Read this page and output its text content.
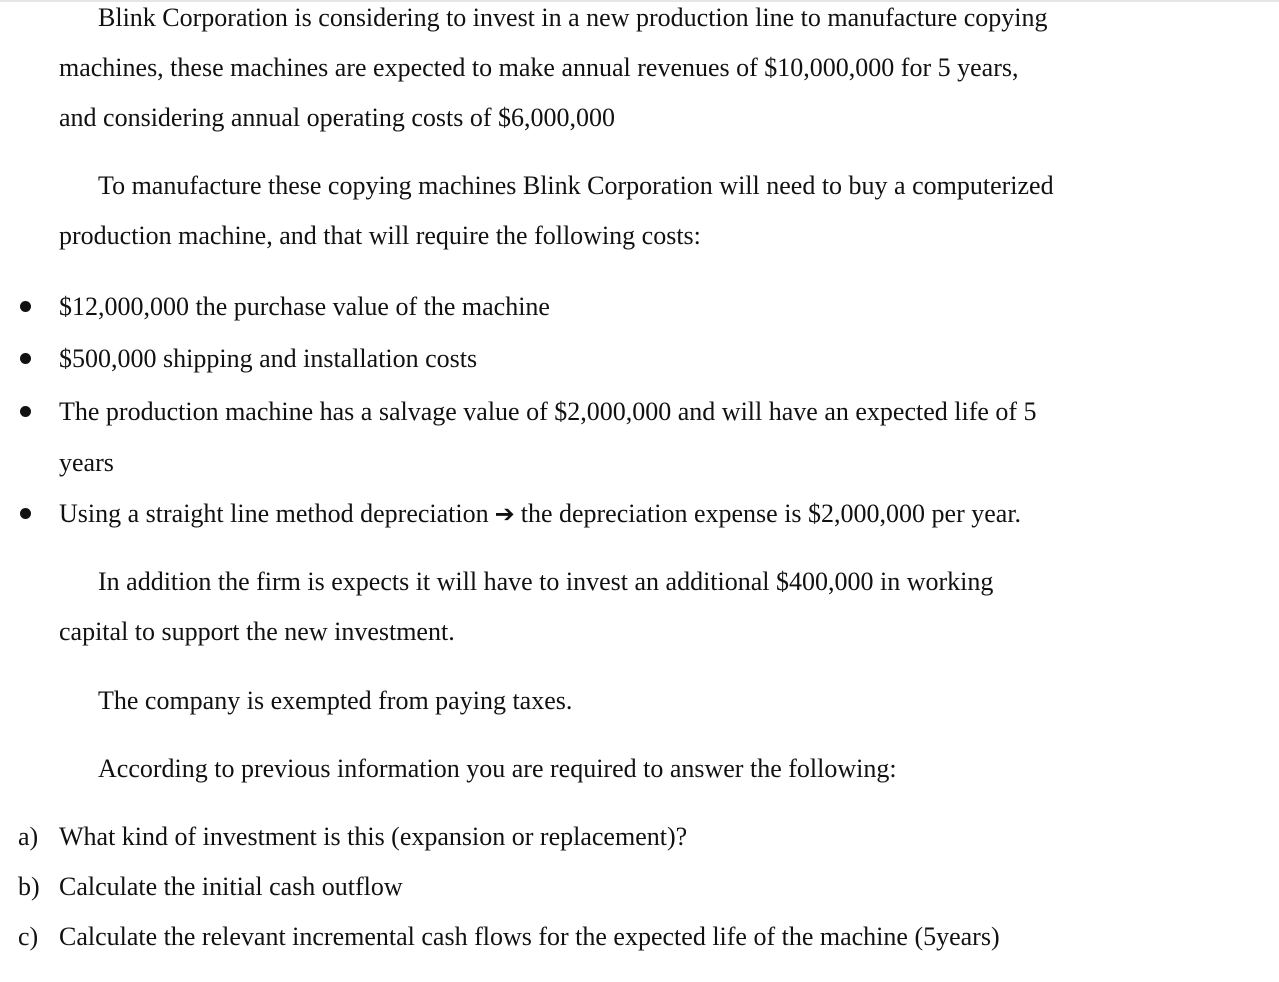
Blink Corporation is considering to invest in a new production line to manufacture copying
machines, these machines are expected to make annual revenues of $10,000,000 for 5 years,
and considering annual operating costs of $6,000,000
To manufacture these copying machines Blink Corporation will need to buy a computerized
production machine, and that will require the following costs:
$12,000,000 the purchase value of the machine
$500,000 shipping and installation costs
The production machine has a salvage value of $2,000,000 and will have an expected life of 5
years
Using a straight line method depreciation ➔ the depreciation expense is $2,000,000 per year.
In addition the firm is expects it will have to invest an additional $400,000 in working
capital to support the new investment.
The company is exempted from paying taxes.
According to previous information you are required to answer the following:
a) What kind of investment is this (expansion or replacement)?
b) Calculate the initial cash outflow
c) Calculate the relevant incremental cash flows for the expected life of the machine (5years)
